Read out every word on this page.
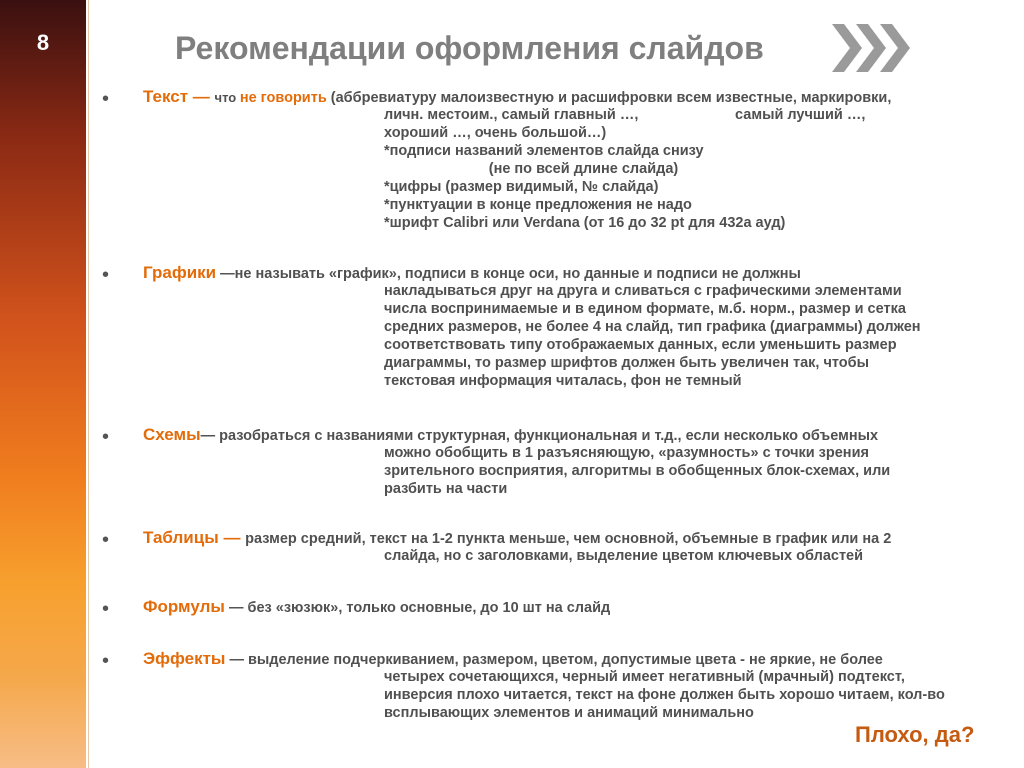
8	Рекомендации оформления слайдов
• Текст — что не говорить (аббревиатуру малоизвестную и расшифровки всем известные, маркировки,
личн. местоим., самый главный …,                        самый лучший …,
хороший …, очень большой…)
*подписи названий элементов слайда снизу
(не по всей длине слайда)
*цифры (размер видимый, № слайда)
*пунктуации в конце предложения не надо
*шрифт Calibri или Verdana (от 16 до 32 pt для 432а ауд)
• Графики —не называть «график», подписи в конце оси, но данные и подписи не должны
накладываться друг на друга и сливаться с графическими элементами
числа воспринимаемые и в едином формате, м.б. норм., размер и сетка
средних размеров, не более 4 на слайд, тип графика (диаграммы) должен
соответствовать типу отображаемых данных, если уменьшить размер
диаграммы, то размер шрифтов должен быть увеличен так, чтобы
текстовая информация читалась, фон не темный
• Схемы— разобраться с названиями структурная, функциональная и т.д., если несколько объемных
можно обобщить в 1 разъясняющую, «разумность» с точки зрения
зрительного восприятия, алгоритмы в обобщенных блок-схемах, или
разбить на части
• Таблицы — размер средний, текст на 1-2 пункта меньше, чем основной, объемные в график или на 2
слайда, но с заголовками, выделение цветом ключевых областей
• Формулы — без «зюзюк», только основные, до 10 шт на слайд
• Эффекты — выделение подчеркиванием, размером, цветом, допустимые цвета - не яркие, не более
четырех сочетающихся, черный имеет негативный (мрачный) подтекст,
инверсия плохо читается, текст на фоне должен быть хорошо читаем, кол-во
всплывающих элементов и анимаций минимально
Плохо, да?
